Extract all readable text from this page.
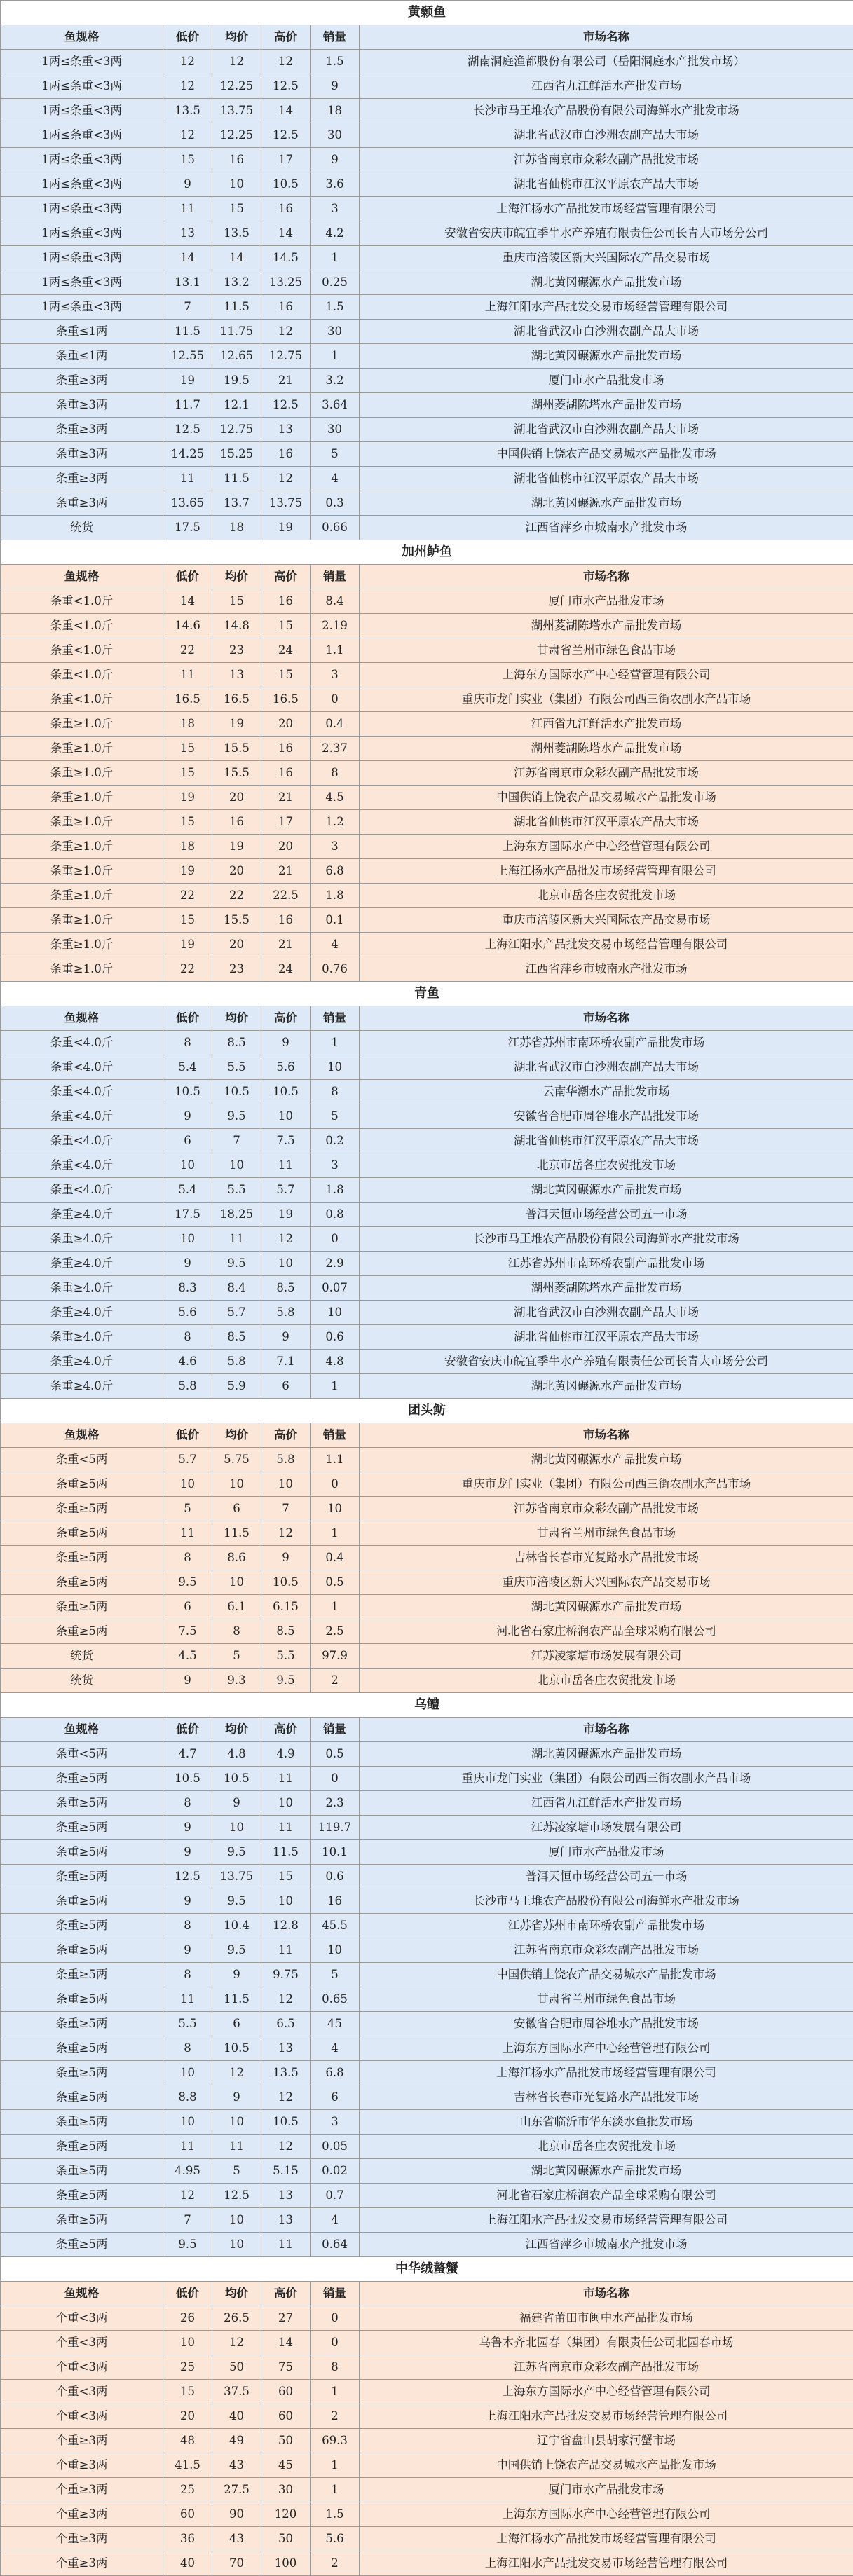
黄颡鱼					
鱼规格	低价	均价	高价	销量	市场名称
1两≤条重<3两	12	12	12	1.5	湖南洞庭渔都股份有限公司（岳阳洞庭水产批发市场）
1两≤条重<3两	12	12.25	12.5	9	江西省九江鲜活水产批发市场
1两≤条重<3两	13.5	13.75	14	18	长沙市马王堆农产品股份有限公司海鲜水产批发市场
1两≤条重<3两	12	12.25	12.5	30	湖北省武汉市白沙洲农副产品大市场
1两≤条重<3两	15	16	17	9	江苏省南京市众彩农副产品批发市场
1两≤条重<3两	9	10	10.5	3.6	湖北省仙桃市江汉平原农产品大市场
1两≤条重<3两	11	15	16	3	上海江杨水产品批发市场经营管理有限公司
1两≤条重<3两	13	13.5	14	4.2	安徽省安庆市皖宜季牛水产养殖有限责任公司长青大市场分公司
1两≤条重<3两	14	14	14.5	1	重庆市涪陵区新大兴国际农产品交易市场
1两≤条重<3两	13.1	13.2	13.25	0.25	湖北黄冈碾源水产品批发市场
1两≤条重<3两	7	11.5	16	1.5	上海江阳水产品批发交易市场经营管理有限公司
条重≤1两	11.5	11.75	12	30	湖北省武汉市白沙洲农副产品大市场
条重≤1两	12.55	12.65	12.75	1	湖北黄冈碾源水产品批发市场
条重≥3两	19	19.5	21	3.2	厦门市水产品批发市场
条重≥3两	11.7	12.1	12.5	3.64	湖州菱湖陈塔水产品批发市场
条重≥3两	12.5	12.75	13	30	湖北省武汉市白沙洲农副产品大市场
条重≥3两	14.25	15.25	16	5	中国供销上饶农产品交易城水产品批发市场
条重≥3两	11	11.5	12	4	湖北省仙桃市江汉平原农产品大市场
条重≥3两	13.65	13.7	13.75	0.3	湖北黄冈碾源水产品批发市场
统货	17.5	18	19	0.66	江西省萍乡市城南水产批发市场
加州鲈鱼					
鱼规格	低价	均价	高价	销量	市场名称
条重<1.0斤	14	15	16	8.4	厦门市水产品批发市场
条重<1.0斤	14.6	14.8	15	2.19	湖州菱湖陈塔水产品批发市场
条重<1.0斤	22	23	24	1.1	甘肃省兰州市绿色食品市场
条重<1.0斤	11	13	15	3	上海东方国际水产中心经营管理有限公司
条重<1.0斤	16.5	16.5	16.5	0	重庆市龙门实业（集团）有限公司西三街农副水产品市场
条重≥1.0斤	18	19	20	0.4	江西省九江鲜活水产批发市场
条重≥1.0斤	15	15.5	16	2.37	湖州菱湖陈塔水产品批发市场
条重≥1.0斤	15	15.5	16	8	江苏省南京市众彩农副产品批发市场
条重≥1.0斤	19	20	21	4.5	中国供销上饶农产品交易城水产品批发市场
条重≥1.0斤	15	16	17	1.2	湖北省仙桃市江汉平原农产品大市场
条重≥1.0斤	18	19	20	3	上海东方国际水产中心经营管理有限公司
条重≥1.0斤	19	20	21	6.8	上海江杨水产品批发市场经营管理有限公司
条重≥1.0斤	22	22	22.5	1.8	北京市岳各庄农贸批发市场
条重≥1.0斤	15	15.5	16	0.1	重庆市涪陵区新大兴国际农产品交易市场
条重≥1.0斤	19	20	21	4	上海江阳水产品批发交易市场经营管理有限公司
条重≥1.0斤	22	23	24	0.76	江西省萍乡市城南水产批发市场
青鱼					
鱼规格	低价	均价	高价	销量	市场名称
条重<4.0斤	8	8.5	9	1	江苏省苏州市南环桥农副产品批发市场
条重<4.0斤	5.4	5.5	5.6	10	湖北省武汉市白沙洲农副产品大市场
条重<4.0斤	10.5	10.5	10.5	8	云南华潮水产品批发市场
条重<4.0斤	9	9.5	10	5	安徽省合肥市周谷堆水产品批发市场
条重<4.0斤	6	7	7.5	0.2	湖北省仙桃市江汉平原农产品大市场
条重<4.0斤	10	10	11	3	北京市岳各庄农贸批发市场
条重<4.0斤	5.4	5.5	5.7	1.8	湖北黄冈碾源水产品批发市场
条重≥4.0斤	17.5	18.25	19	0.8	普洱天恒市场经营公司五一市场
条重≥4.0斤	10	11	12	0	长沙市马王堆农产品股份有限公司海鲜水产批发市场
条重≥4.0斤	9	9.5	10	2.9	江苏省苏州市南环桥农副产品批发市场
条重≥4.0斤	8.3	8.4	8.5	0.07	湖州菱湖陈塔水产品批发市场
条重≥4.0斤	5.6	5.7	5.8	10	湖北省武汉市白沙洲农副产品大市场
条重≥4.0斤	8	8.5	9	0.6	湖北省仙桃市江汉平原农产品大市场
条重≥4.0斤	4.6	5.8	7.1	4.8	安徽省安庆市皖宜季牛水产养殖有限责任公司长青大市场分公司
条重≥4.0斤	5.8	5.9	6	1	湖北黄冈碾源水产品批发市场
团头鲂					
鱼规格	低价	均价	高价	销量	市场名称
条重<5两	5.7	5.75	5.8	1.1	湖北黄冈碾源水产品批发市场
条重≥5两	10	10	10	0	重庆市龙门实业（集团）有限公司西三街农副水产品市场
条重≥5两	5	6	7	10	江苏省南京市众彩农副产品批发市场
条重≥5两	11	11.5	12	1	甘肃省兰州市绿色食品市场
条重≥5两	8	8.6	9	0.4	吉林省长春市光复路水产品批发市场
条重≥5两	9.5	10	10.5	0.5	重庆市涪陵区新大兴国际农产品交易市场
条重≥5两	6	6.1	6.15	1	湖北黄冈碾源水产品批发市场
条重≥5两	7.5	8	8.5	2.5	河北省石家庄桥润农产品全球采购有限公司
统货	4.5	5	5.5	97.9	江苏凌家塘市场发展有限公司
统货	9	9.3	9.5	2	北京市岳各庄农贸批发市场
乌鳢					
鱼规格	低价	均价	高价	销量	市场名称
条重<5两	4.7	4.8	4.9	0.5	湖北黄冈碾源水产品批发市场
条重≥5两	10.5	10.5	11	0	重庆市龙门实业（集团）有限公司西三街农副水产品市场
条重≥5两	8	9	10	2.3	江西省九江鲜活水产批发市场
条重≥5两	9	10	11	119.7	江苏凌家塘市场发展有限公司
条重≥5两	9	9.5	11.5	10.1	厦门市水产品批发市场
条重≥5两	12.5	13.75	15	0.6	普洱天恒市场经营公司五一市场
条重≥5两	9	9.5	10	16	长沙市马王堆农产品股份有限公司海鲜水产批发市场
条重≥5两	8	10.4	12.8	45.5	江苏省苏州市南环桥农副产品批发市场
条重≥5两	9	9.5	11	10	江苏省南京市众彩农副产品批发市场
条重≥5两	8	9	9.75	5	中国供销上饶农产品交易城水产品批发市场
条重≥5两	11	11.5	12	0.65	甘肃省兰州市绿色食品市场
条重≥5两	5.5	6	6.5	45	安徽省合肥市周谷堆水产品批发市场
条重≥5两	8	10.5	13	4	上海东方国际水产中心经营管理有限公司
条重≥5两	10	12	13.5	6.8	上海江杨水产品批发市场经营管理有限公司
条重≥5两	8.8	9	12	6	吉林省长春市光复路水产品批发市场
条重≥5两	10	10	10.5	3	山东省临沂市华东淡水鱼批发市场
条重≥5两	11	11	12	0.05	北京市岳各庄农贸批发市场
条重≥5两	4.95	5	5.15	0.02	湖北黄冈碾源水产品批发市场
条重≥5两	12	12.5	13	0.7	河北省石家庄桥润农产品全球采购有限公司
条重≥5两	7	10	13	4	上海江阳水产品批发交易市场经营管理有限公司
条重≥5两	9.5	10	11	0.64	江西省萍乡市城南水产批发市场
中华绒螯蟹					
鱼规格	低价	均价	高价	销量	市场名称
个重<3两	26	26.5	27	0	福建省莆田市闽中水产品批发市场
个重<3两	10	12	14	0	乌鲁木齐北园春（集团）有限责任公司北园春市场
个重<3两	25	50	75	8	江苏省南京市众彩农副产品批发市场
个重<3两	15	37.5	60	1	上海东方国际水产中心经营管理有限公司
个重<3两	20	40	60	2	上海江阳水产品批发交易市场经营管理有限公司
个重≥3两	48	49	50	69.3	辽宁省盘山县胡家河蟹市场
个重≥3两	41.5	43	45	1	中国供销上饶农产品交易城水产品批发市场
个重≥3两	25	27.5	30	1	厦门市水产品批发市场
个重≥3两	60	90	120	1.5	上海东方国际水产中心经营管理有限公司
个重≥3两	36	43	50	5.6	上海江杨水产品批发市场经营管理有限公司
个重≥3两	40	70	100	2	上海江阳水产品批发交易市场经营管理有限公司
